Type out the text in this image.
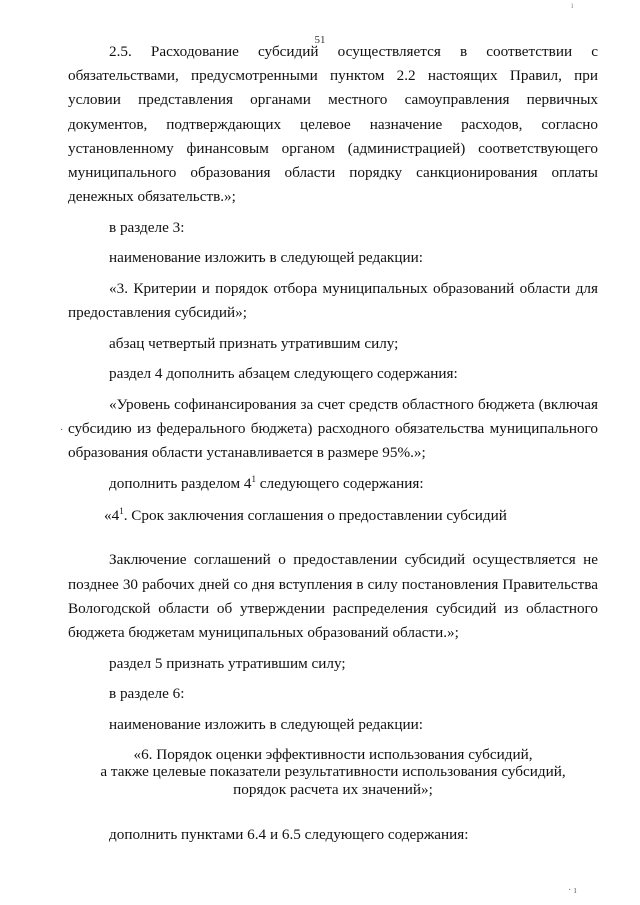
ı
51

2.5. Расходование субсидий осуществляется в соответствии с обязательствами, предусмотренными пунктом 2.2 настоящих Правил, при условии представления органами местного самоуправления первичных документов, подтверждающих целевое назначение расходов, согласно установленному финансовым органом (администрацией) соответствующего муниципального образования области порядку санкционирования оплаты денежных обязательств.»;

в разделе 3:

наименование изложить в следующей редакции:

«3. Критерии и порядок отбора муниципальных образований области для предоставления субсидий»;

абзац четвертый признать утратившим силу;

раздел 4 дополнить абзацем следующего содержания:

«Уровень софинансирования за счет средств областного бюджета (включая субсидию из федерального бюджета) расходного обязательства муниципального образования области устанавливается в размере 95%.»;

дополнить разделом $4^1$ следующего содержания:

«$4^1$. Срок заключения соглашения о предоставлении субсидий

Заключение соглашений о предоставлении субсидий осуществляется не позднее 30 рабочих дней со дня вступления в силу постановления Правительства Вологодской области об утверждении распределения субсидий из областного бюджета бюджетам муниципальных образований области.»;

раздел 5 признать утратившим силу;

в разделе 6:

наименование изложить в следующей редакции:

«6. Порядок оценки эффективности использования субсидий,
а также целевые показатели результативности использования субсидий,
порядок расчета их значений»;

дополнить пунктами 6.4 и 6.5 следующего содержания:

·
· ı
